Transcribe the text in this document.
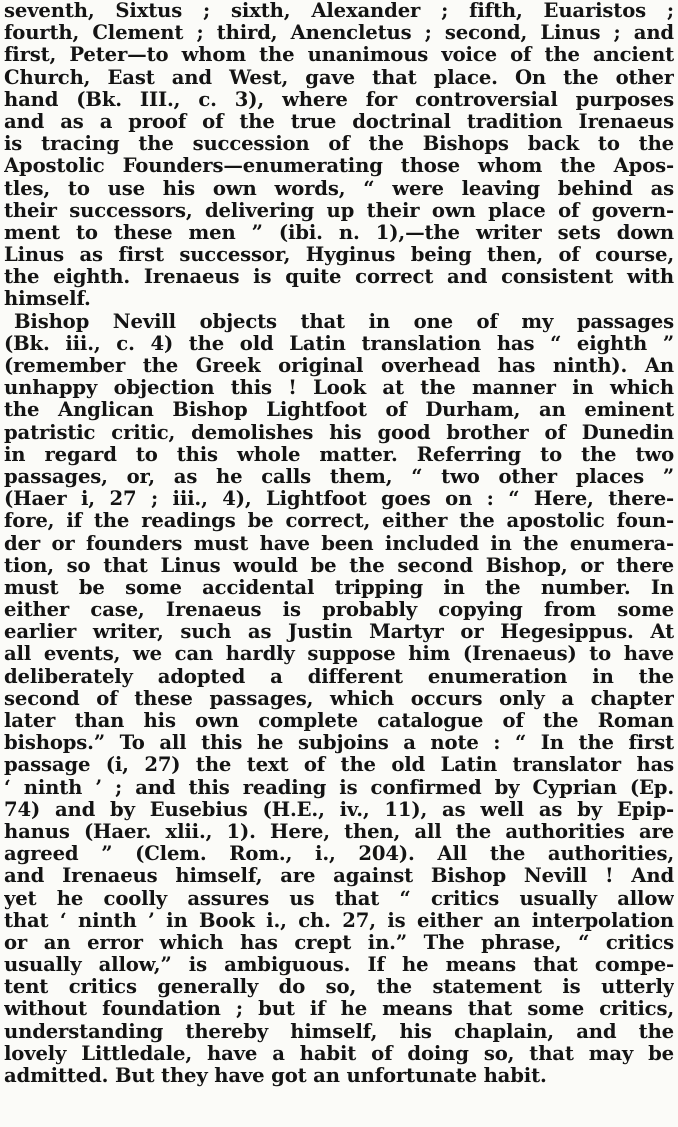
seventh, Sixtus ; sixth, Alexander ; fifth, Euaristos ;
fourth, Clement ; third, Anencletus ; second, Linus ; and
first, Peter—to whom the unanimous voice of the ancient
Church, East and West, gave that place. On the other
hand (Bk. III., c. 3), where for controversial purposes
and as a proof of the true doctrinal tradition Irenaeus
is tracing the succession of the Bishops back to the
Apostolic Founders—enumerating those whom the Apos-
tles, to use his own words, “ were leaving behind as
their successors, delivering up their own place of govern-
ment to these men ” (ibi. n. 1),—the writer sets down
Linus as first successor, Hyginus being then, of course,
the eighth. Irenaeus is quite correct and consistent with
himself.
Bishop Nevill objects that in one of my passages
(Bk. iii., c. 4) the old Latin translation has “ eighth ”
(remember the Greek original overhead has ninth). An
unhappy objection this ! Look at the manner in which
the Anglican Bishop Lightfoot of Durham, an eminent
patristic critic, demolishes his good brother of Dunedin
in regard to this whole matter. Referring to the two
passages, or, as he calls them, “ two other places ”
(Haer i, 27 ; iii., 4), Lightfoot goes on : “ Here, there-
fore, if the readings be correct, either the apostolic foun-
der or founders must have been included in the enumera-
tion, so that Linus would be the second Bishop, or there
must be some accidental tripping in the number. In
either case, Irenaeus is probably copying from some
earlier writer, such as Justin Martyr or Hegesippus. At
all events, we can hardly suppose him (Irenaeus) to have
deliberately adopted a different enumeration in the
second of these passages, which occurs only a chapter
later than his own complete catalogue of the Roman
bishops.” To all this he subjoins a note : “ In the first
passage (i, 27) the text of the old Latin translator has
‘ ninth ’ ; and this reading is confirmed by Cyprian (Ep.
74) and by Eusebius (H.E., iv., 11), as well as by Epip-
hanus (Haer. xlii., 1). Here, then, all the authorities are
agreed ” (Clem. Rom., i., 204). All the authorities,
and Irenaeus himself, are against Bishop Nevill ! And
yet he coolly assures us that “ critics usually allow
that ‘ ninth ’ in Book i., ch. 27, is either an interpolation
or an error which has crept in.” The phrase, “ critics
usually allow,” is ambiguous. If he means that compe-
tent critics generally do so, the statement is utterly
without foundation ; but if he means that some critics,
understanding thereby himself, his chaplain, and the
lovely Littledale, have a habit of doing so, that may be
admitted. But they have got an unfortunate habit.
